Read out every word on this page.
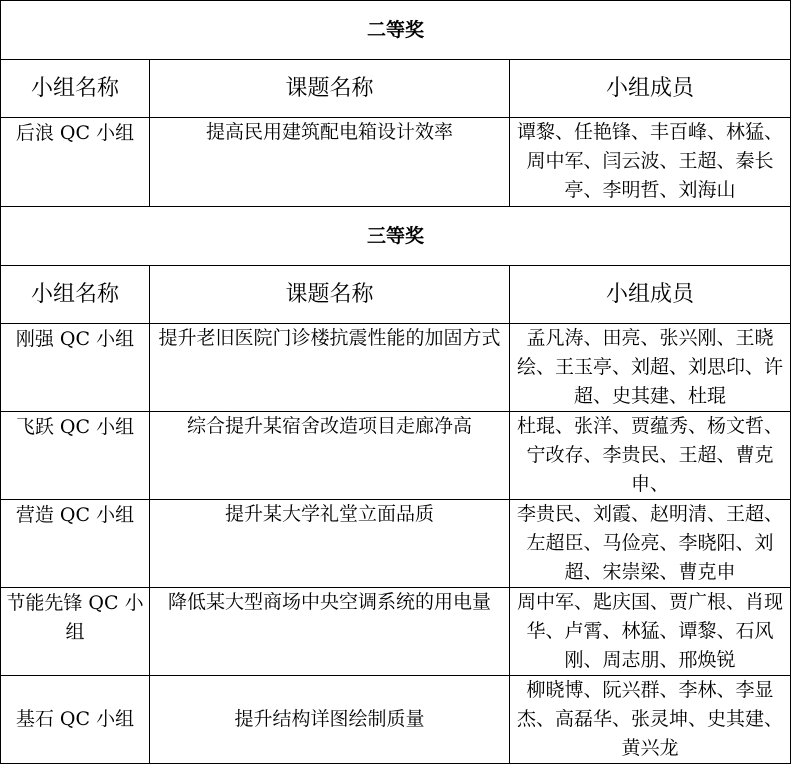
二等奖		
小组名称	课题名称	小组成员
后浪 QC 小组	提高民用建筑配电箱设计效率	谭黎、任艳锋、丰百峰、林猛、周中军、闫云波、王超、秦长亭、李明哲、刘海山
三等奖		
小组名称	课题名称	小组成员
刚强 QC 小组	提升老旧医院门诊楼抗震性能的加固方式	孟凡涛、田亮、张兴刚、王晓绘、王玉亭、刘超、刘思印、许超、史其建、杜琨
飞跃 QC 小组	综合提升某宿舍改造项目走廊净高	杜琨、张洋、贾蕴秀、杨文哲、宁改存、李贵民、王超、曹克申、
营造 QC 小组	提升某大学礼堂立面品质	李贵民、刘霞、赵明清、王超、左超臣、马俭亮、李晓阳、刘超、宋崇梁、曹克申
节能先锋 QC 小组	降低某大型商场中央空调系统的用电量	周中军、匙庆国、贾广根、肖现华、卢霄、林猛、谭黎、石风刚、周志朋、邢焕锐
基石 QC 小组	提升结构详图绘制质量	柳晓博、阮兴群、李林、李显杰、高磊华、张灵坤、史其建、黄兴龙
